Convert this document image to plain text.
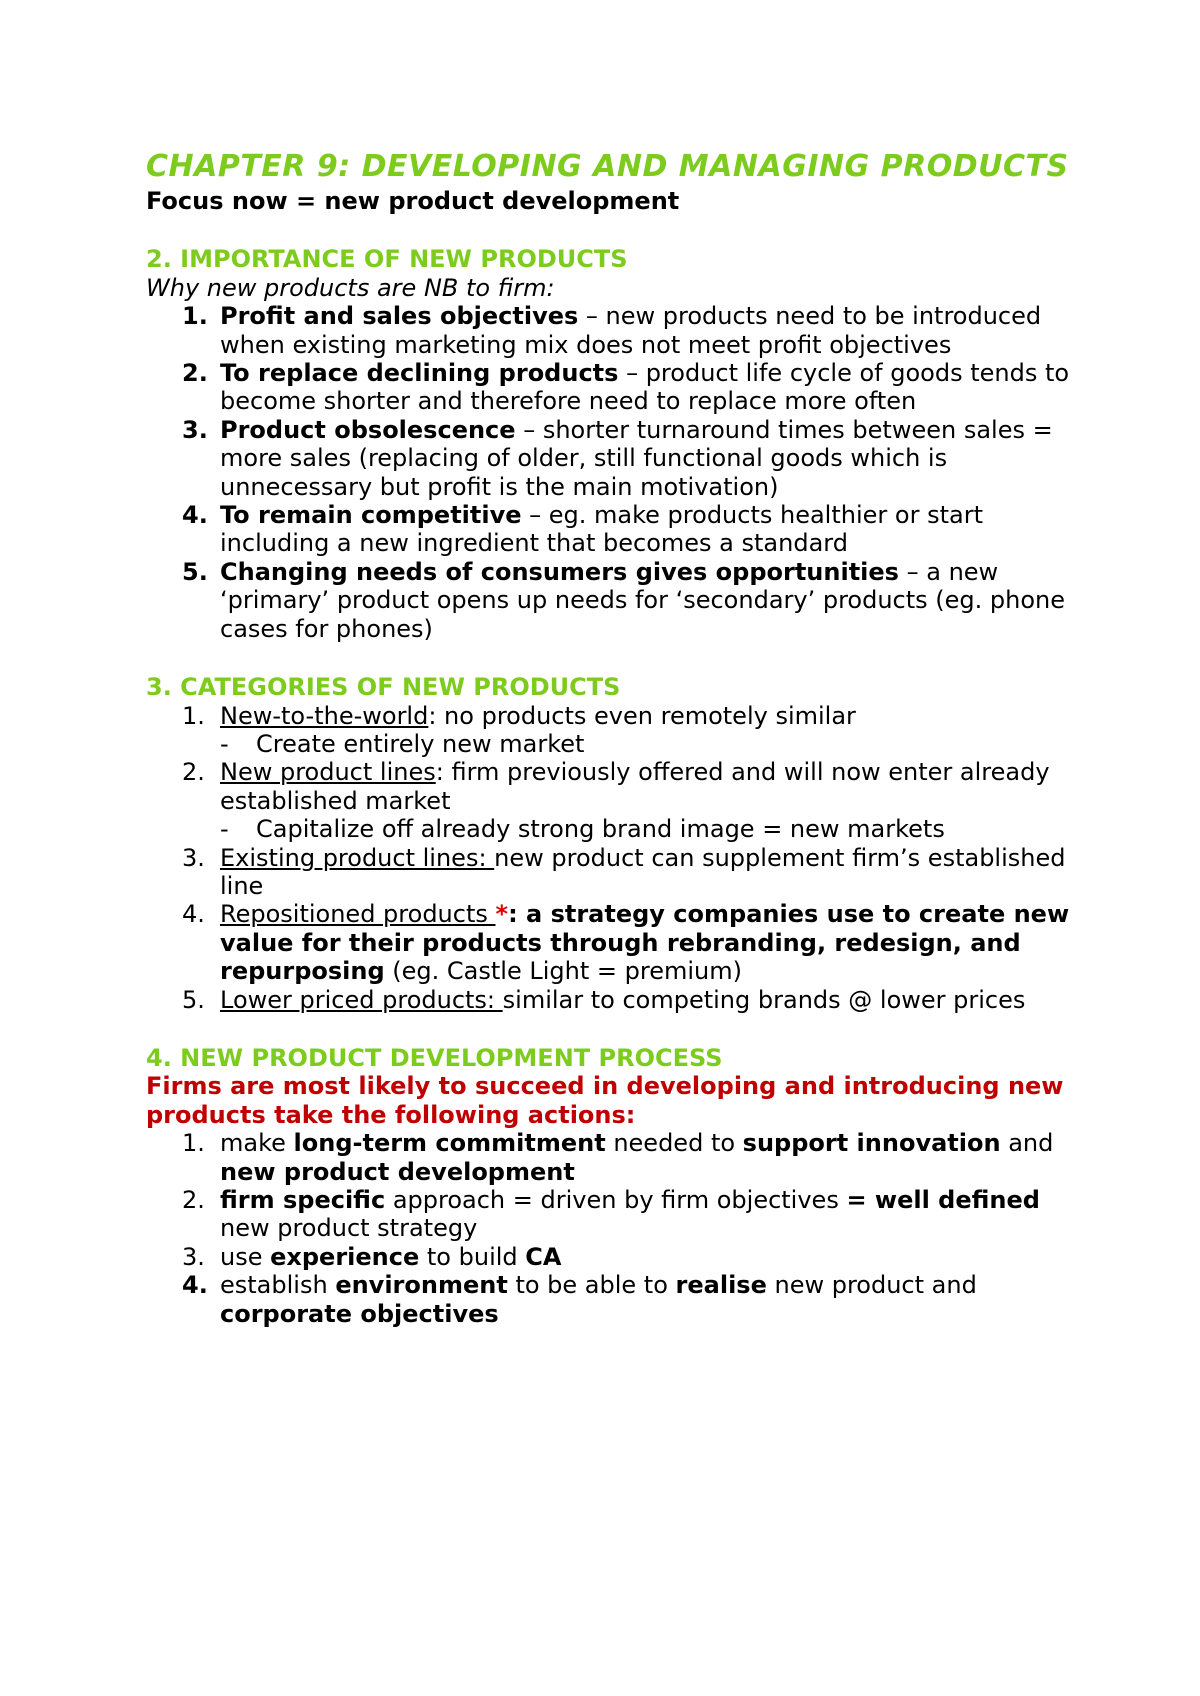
CHAPTER 9: DEVELOPING AND MANAGING PRODUCTS

Focus now = new product development

2. IMPORTANCE OF NEW PRODUCTS

Why new products are NB to firm:

1. Profit and sales objectives – new products need to be introduced when existing marketing mix does not meet profit objectives
2. To replace declining products – product life cycle of goods tends to become shorter and therefore need to replace more often
3. Product obsolescence – shorter turnaround times between sales = more sales (replacing of older, still functional goods which is unnecessary but profit is the main motivation)
4. To remain competitive – eg. make products healthier or start including a new ingredient that becomes a standard
5. Changing needs of consumers gives opportunities – a new ‘primary’ product opens up needs for ‘secondary’ products (eg. phone cases for phones)

3. CATEGORIES OF NEW PRODUCTS

1. New-to-the-world: no products even remotely similar
- Create entirely new market
2. New product lines: firm previously offered and will now enter already established market
- Capitalize off already strong brand image = new markets
3. Existing product lines: new product can supplement firm’s established line
4. Repositioned products *: a strategy companies use to create new value for their products through rebranding, redesign, and repurposing (eg. Castle Light = premium)
5. Lower priced products: similar to competing brands @ lower prices

4. NEW PRODUCT DEVELOPMENT PROCESS

Firms are most likely to succeed in developing and introducing new products take the following actions:

1. make long-term commitment needed to support innovation and new product development
2. firm specific approach = driven by firm objectives = well defined new product strategy
3. use experience to build CA
4. establish environment to be able to realise new product and corporate objectives
